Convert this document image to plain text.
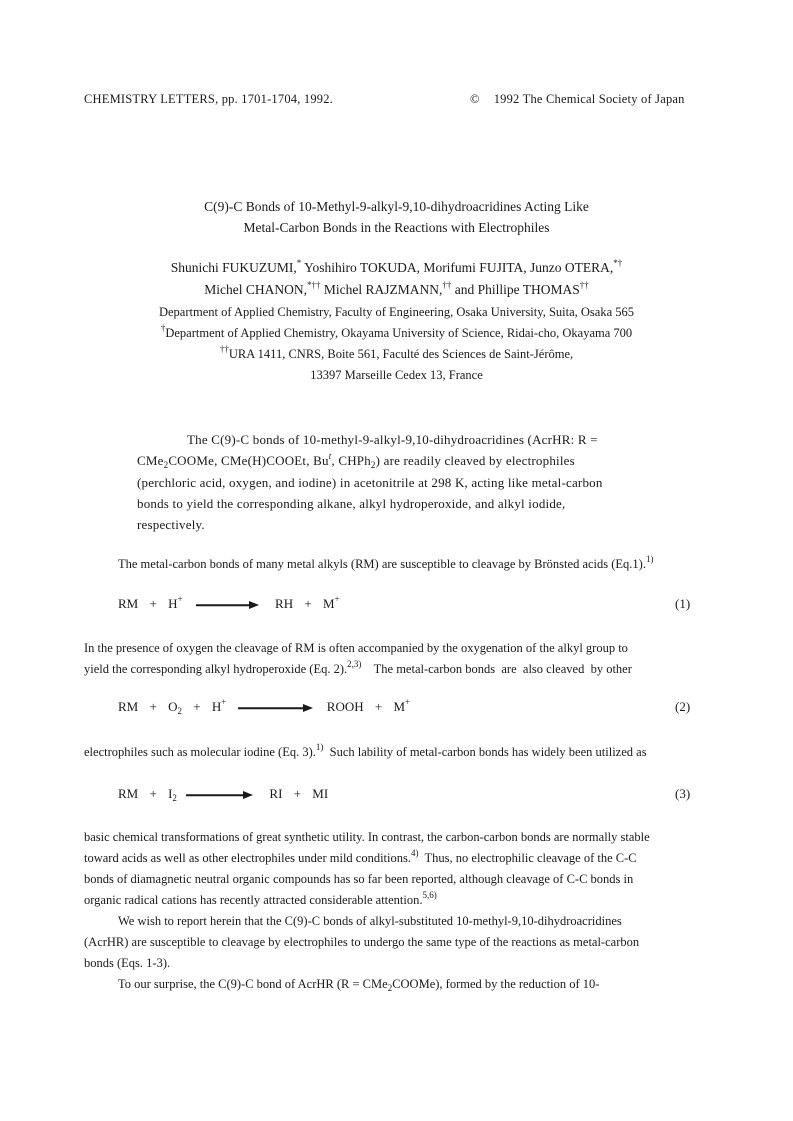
CHEMISTRY LETTERS, pp. 1701-1704, 1992.	© 1992 The Chemical Society of Japan
C(9)-C Bonds of 10-Methyl-9-alkyl-9,10-dihydroacridines Acting Like
Metal-Carbon Bonds in the Reactions with Electrophiles
Shunichi FUKUZUMI,* Yoshihiro TOKUDA, Morifumi FUJITA, Junzo OTERA,*†
Michel CHANON,*†† Michel RAJZMANN,†† and Phillipe THOMAS††
Department of Applied Chemistry, Faculty of Engineering, Osaka University, Suita, Osaka 565
†Department of Applied Chemistry, Okayama University of Science, Ridai-cho, Okayama 700
††URA 1411, CNRS, Boite 561, Faculté des Sciences de Saint-Jérôme,
13397 Marseille Cedex 13, France
The C(9)-C bonds of 10-methyl-9-alkyl-9,10-dihydroacridines (AcrHR: R =
CMe$_2$COOMe, CMe(H)COOEt, Bu$^t$, CHPh$_2$) are readily cleaved by electrophiles
(perchloric acid, oxygen, and iodine) in acetonitrile at 298 K, acting like metal-carbon
bonds to yield the corresponding alkane, alkyl hydroperoxide, and alkyl iodide,
respectively.
The metal-carbon bonds of many metal alkyls (RM) are susceptible to cleavage by Brönsted acids (Eq.1).$^{1)}$
RM + H+	RH + M+	(1)
In the presence of oxygen the cleavage of RM is often accompanied by the oxygenation of the alkyl group to
yield the corresponding alkyl hydroperoxide (Eq. 2).$^{2,3)}$    The metal-carbon bonds  are  also cleaved  by other
RM + $O_2 + H^+$	ROOH + M+	(2)
electrophiles such as molecular iodine (Eq. 3).$^{1)}$  Such lability of metal-carbon bonds has widely been utilized as
RM + $I_2$	RI + MI	(3)
basic chemical transformations of great synthetic utility. In contrast, the carbon-carbon bonds are normally stable
toward acids as well as other electrophiles under mild conditions.$^{4)}$  Thus, no electrophilic cleavage of the C-C
bonds of diamagnetic neutral organic compounds has so far been reported, although cleavage of C-C bonds in
organic radical cations has recently attracted considerable attention.$^{5,6)}$
We wish to report herein that the C(9)-C bonds of alkyl-substituted 10-methyl-9,10-dihydroacridines
(AcrHR) are susceptible to cleavage by electrophiles to undergo the same type of the reactions as metal-carbon
bonds (Eqs. 1-3).
To our surprise, the C(9)-C bond of AcrHR (R = CMe$_2$COOMe), formed by the reduction of 10-
